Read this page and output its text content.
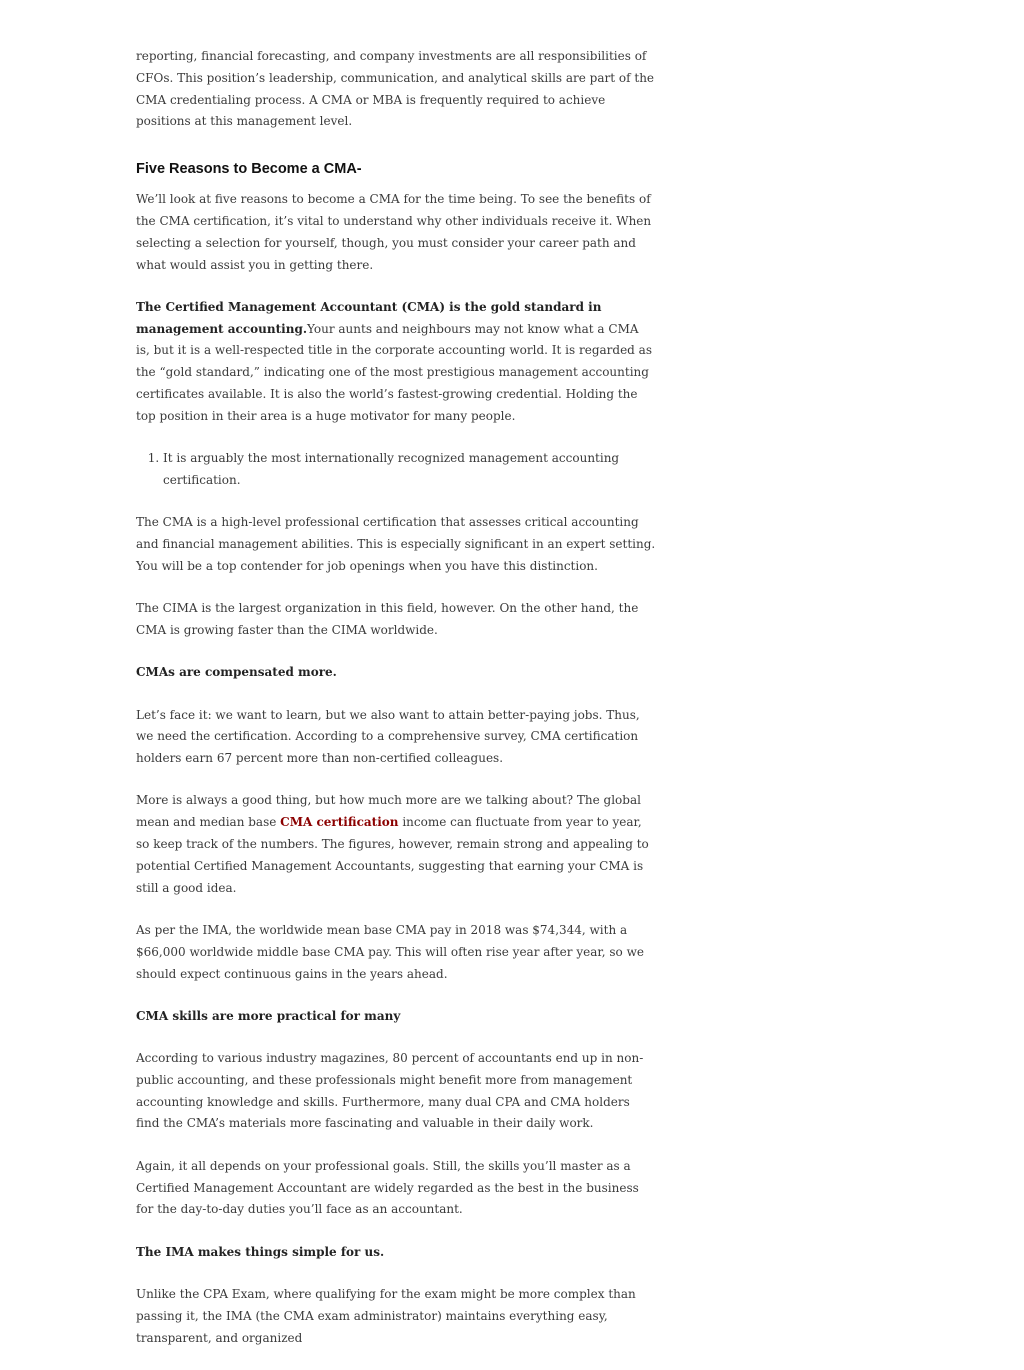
reporting, financial forecasting, and company investments are all responsibilities of CFOs. This position’s leadership, communication, and analytical skills are part of the CMA credentialing process. A CMA or MBA is frequently required to achieve positions at this management level.

Five Reasons to Become a CMA-

We’ll look at five reasons to become a CMA for the time being. To see the benefits of the CMA certification, it’s vital to understand why other individuals receive it. When selecting a selection for yourself, though, you must consider your career path and what would assist you in getting there.

The Certified Management Accountant (CMA) is the gold standard in management accounting.Your aunts and neighbours may not know what a CMA is, but it is a well-respected title in the corporate accounting world. It is regarded as the “gold standard,” indicating one of the most prestigious management accounting certificates available. It is also the world’s fastest-growing credential. Holding the top position in their area is a huge motivator for many people.

1. It is arguably the most internationally recognized management accounting certification.

The CMA is a high-level professional certification that assesses critical accounting and financial management abilities. This is especially significant in an expert setting. You will be a top contender for job openings when you have this distinction.

The CIMA is the largest organization in this field, however. On the other hand, the CMA is growing faster than the CIMA worldwide.

CMAs are compensated more.

Let’s face it: we want to learn, but we also want to attain better-paying jobs. Thus, we need the certification. According to a comprehensive survey, CMA certification holders earn 67 percent more than non-certified colleagues.

More is always a good thing, but how much more are we talking about? The global mean and median base CMA certification income can fluctuate from year to year, so keep track of the numbers. The figures, however, remain strong and appealing to potential Certified Management Accountants, suggesting that earning your CMA is still a good idea.

As per the IMA, the worldwide mean base CMA pay in 2018 was $74,344, with a $66,000 worldwide middle base CMA pay. This will often rise year after year, so we should expect continuous gains in the years ahead.

CMA skills are more practical for many

According to various industry magazines, 80 percent of accountants end up in non-public accounting, and these professionals might benefit more from management accounting knowledge and skills. Furthermore, many dual CPA and CMA holders find the CMA’s materials more fascinating and valuable in their daily work.

Again, it all depends on your professional goals. Still, the skills you’ll master as a Certified Management Accountant are widely regarded as the best in the business for the day-to-day duties you’ll face as an accountant.

The IMA makes things simple for us.

Unlike the CPA Exam, where qualifying for the exam might be more complex than passing it, the IMA (the CMA exam administrator) maintains everything easy, transparent, and organized
